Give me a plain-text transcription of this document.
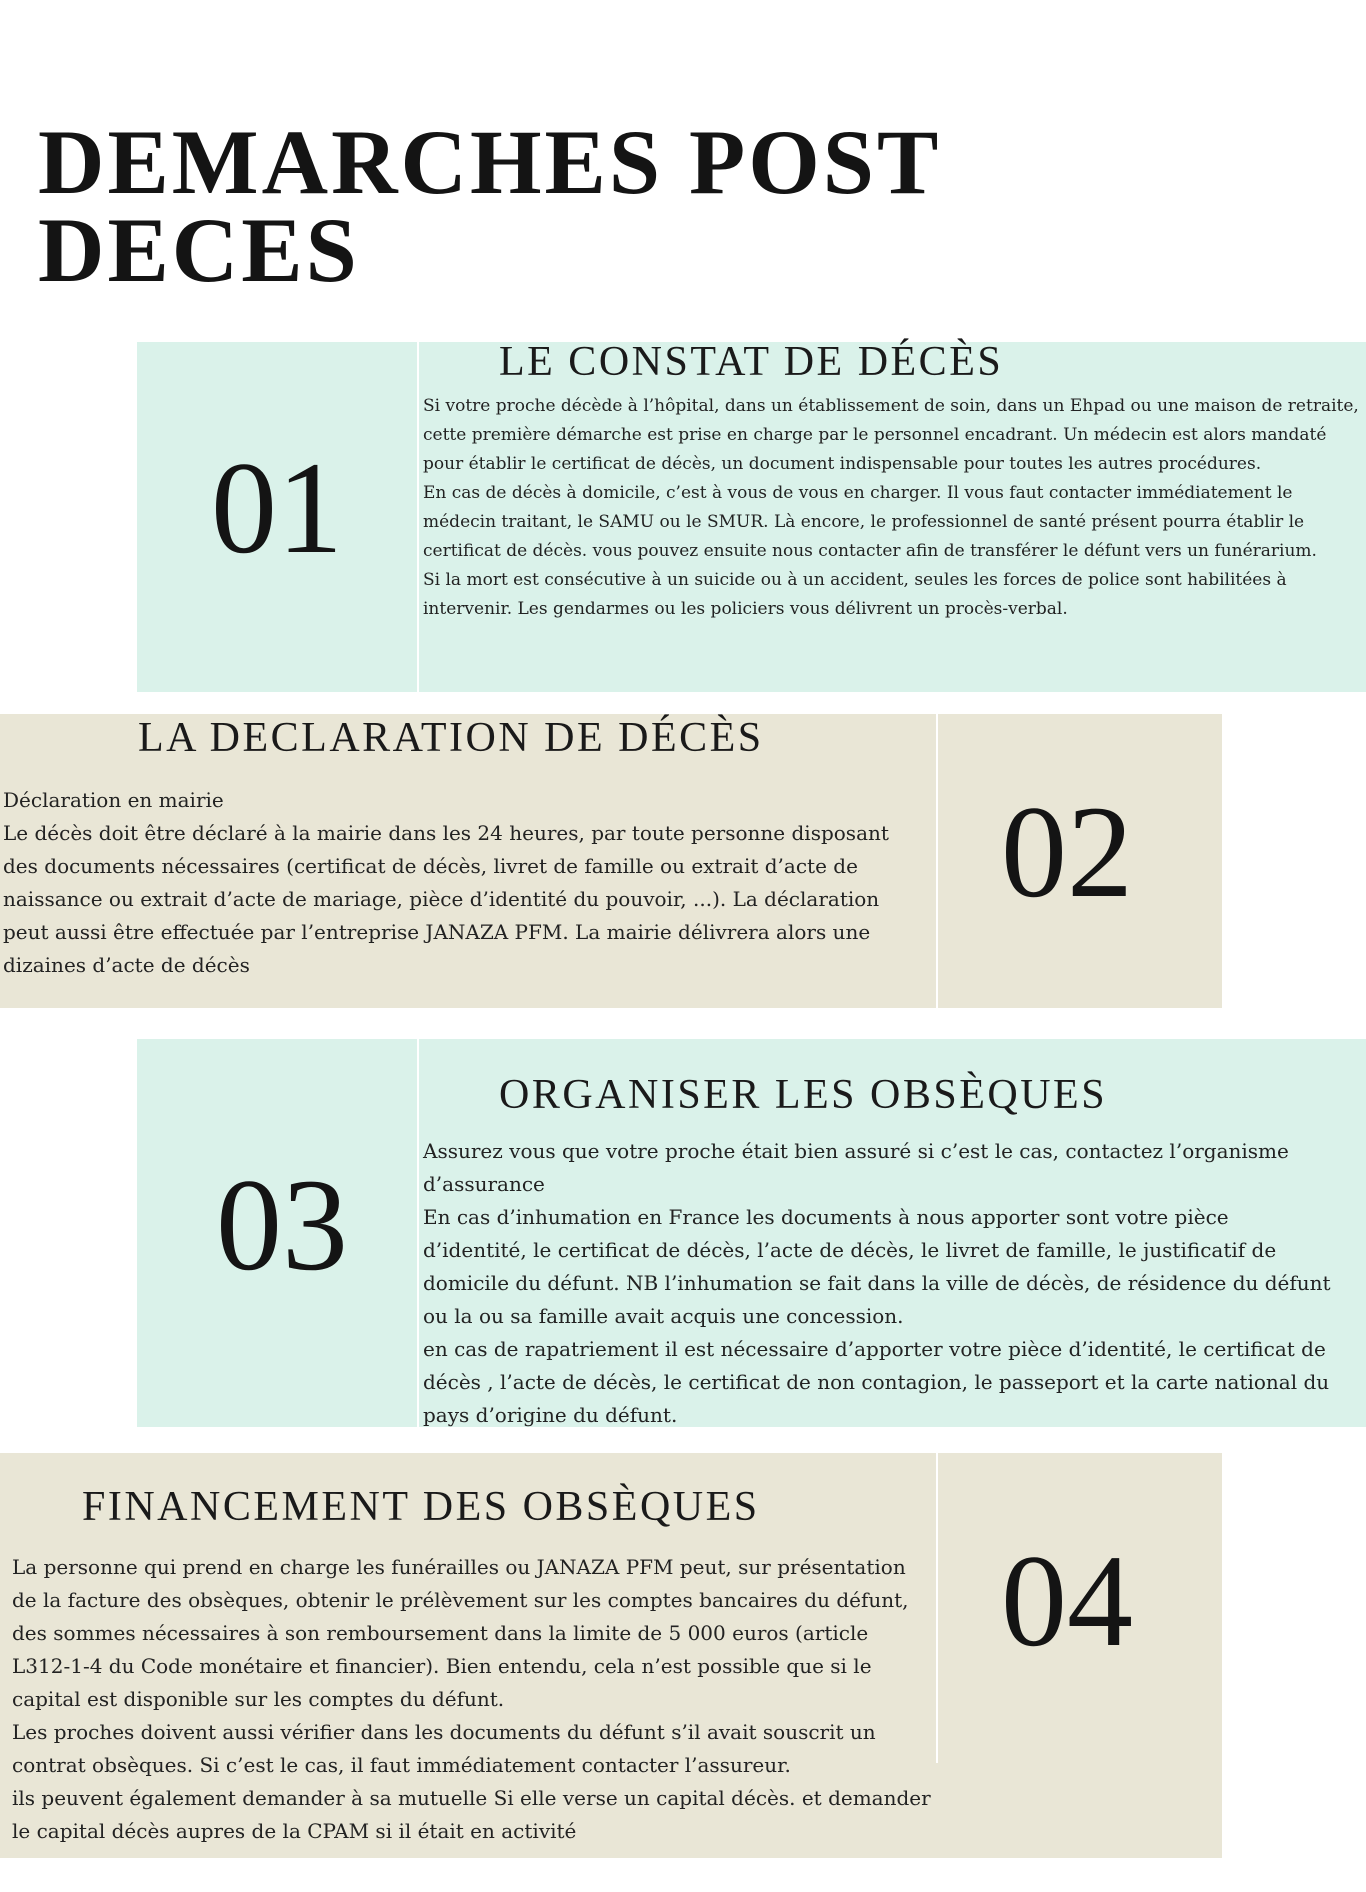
DEMARCHES POST
DECES
01
LE CONSTAT DE DÉCÈS

Si votre proche décède à l’hôpital, dans un établissement de soin, dans un Ehpad ou une maison de retraite, cette première démarche est prise en charge par le personnel encadrant. Un médecin est alors mandaté pour établir le certificat de décès, un document indispensable pour toutes les autres procédures.

En cas de décès à domicile, c’est à vous de vous en charger. Il vous faut contacter immédiatement le médecin traitant, le SAMU ou le SMUR. Là encore, le professionnel de santé présent pourra établir le certificat de décès. vous pouvez ensuite nous contacter afin de transférer le défunt vers un funérarium.

Si la mort est consécutive à un suicide ou à un accident, seules les forces de police sont habilitées à intervenir. Les gendarmes ou les policiers vous délivrent un procès-verbal.

LA DECLARATION DE DÉCÈS

Déclaration en mairie

Le décès doit être déclaré à la mairie dans les 24 heures, par toute personne disposant des documents nécessaires (certificat de décès, livret de famille ou extrait d’acte de naissance ou extrait d’acte de mariage, pièce d’identité du pouvoir, ...). La déclaration peut aussi être effectuée par l’entreprise JANAZA PFM. La mairie délivrera alors une dizaines d’acte de décès

02
03
ORGANISER LES OBSÈQUES

Assurez vous que votre proche était bien assuré si c’est le cas, contactez l’organisme d’assurance

En cas d’inhumation en France les documents à nous apporter sont votre pièce d’identité, le certificat de décès, l’acte de décès, le livret de famille, le justificatif de domicile du défunt. NB l’inhumation se fait dans la ville de décès, de résidence du défunt ou la ou sa famille avait acquis une concession.

en cas de rapatriement il est nécessaire d’apporter votre pièce d’identité, le certificat de décès , l’acte de décès, le certificat de non contagion, le passeport et la carte national du pays d’origine du défunt.

FINANCEMENT DES OBSÈQUES

La personne qui prend en charge les funérailles ou JANAZA PFM peut, sur présentation de la facture des obsèques, obtenir le prélèvement sur les comptes bancaires du défunt, des sommes nécessaires à son remboursement dans la limite de 5 000 euros (article L312-1-4 du Code monétaire et financier). Bien entendu, cela n’est possible que si le capital est disponible sur les comptes du défunt.

Les proches doivent aussi vérifier dans les documents du défunt s’il avait souscrit un contrat obsèques. Si c’est le cas, il faut immédiatement contacter l’assureur.

ils peuvent également demander à sa mutuelle Si elle verse un capital décès. et demander le capital décès aupres de la CPAM si il était en activité

04
